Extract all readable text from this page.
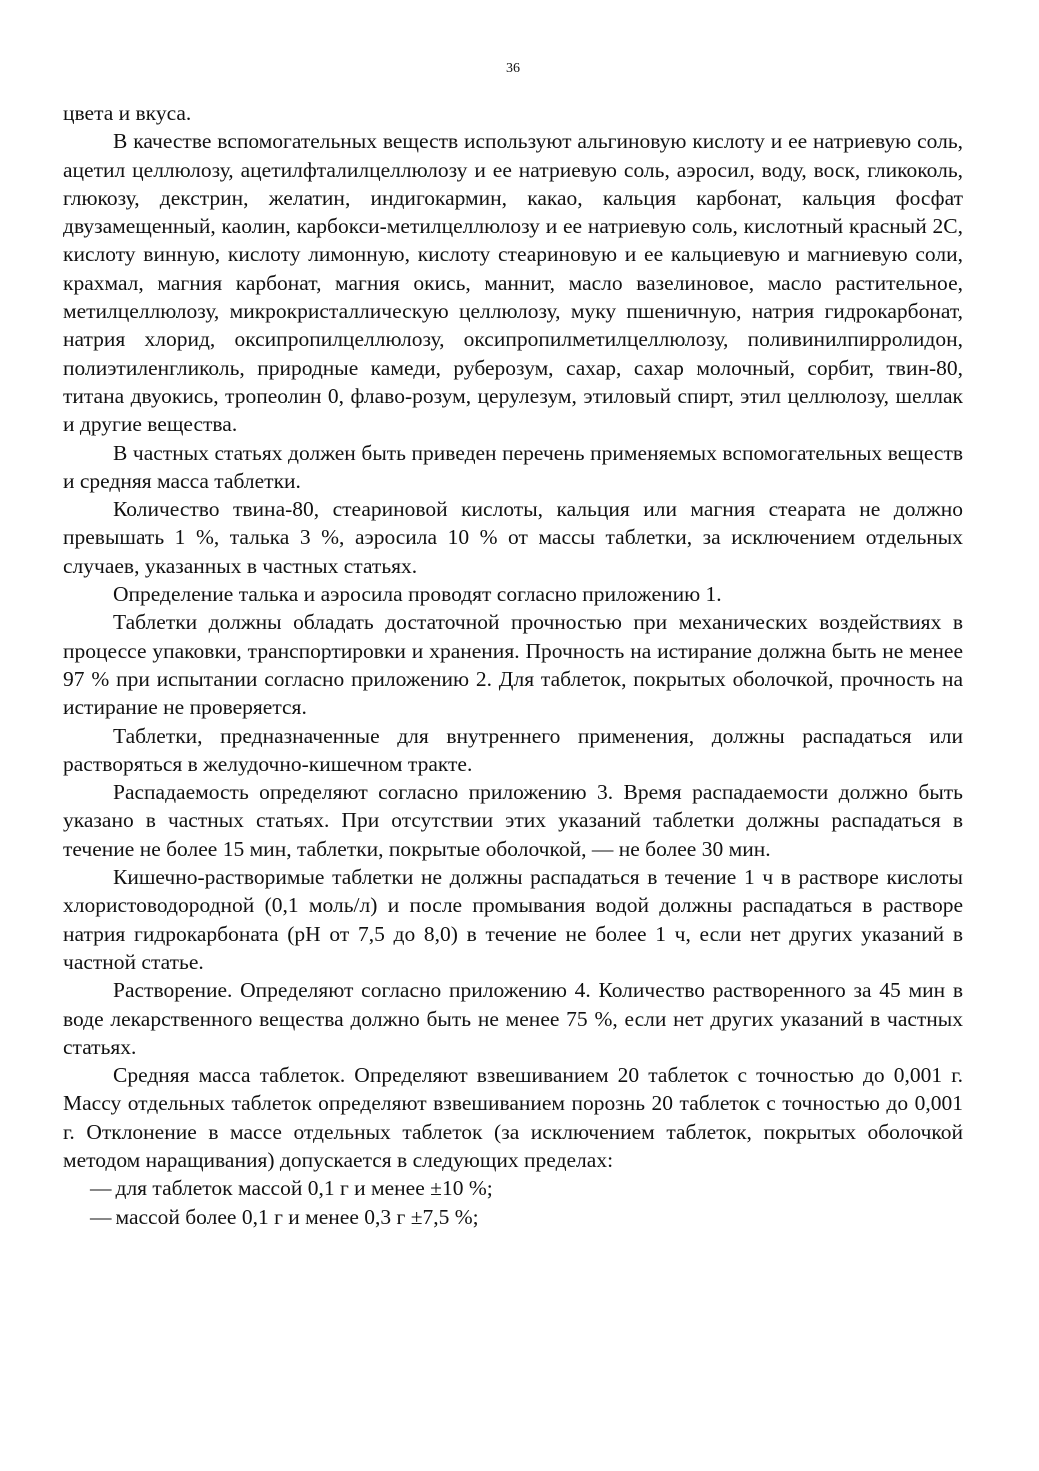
36

цвета и вкуса.

В качестве вспомогательных веществ используют альгиновую кислоту и ее натриевую соль, ацетил целлюлозу, ацетилфталилцеллюлозу и ее натриевую соль, аэросил, воду, воск, гликоколь, глюкозу, декстрин, желатин, индигокармин, какао, кальция карбонат, кальция фосфат двузамещенный, каолин, карбокси-метилцеллюлозу и ее натриевую соль, кислотный красный 2С, кислоту винную, кислоту лимонную, кислоту стеариновую и ее кальциевую и магниевую соли, крахмал, магния карбонат, магния окись, маннит, масло вазелиновое, масло растительное, метилцеллюлозу, микрокристаллическую целлюлозу, муку пшеничную, натрия гидрокарбонат, натрия хлорид, оксипропилцеллюлозу, оксипропилметилцеллюлозу, поливинилпирролидон, полиэтиленгликоль, природные камеди, руберозум, сахар, сахар молочный, сорбит, твин-80, титана двуокись, тропеолин 0, флаво-розум, церулезум, этиловый спирт, этил целлюлозу, шеллак и другие вещества.

В частных статьях должен быть приведен перечень применяемых вспомогательных веществ и средняя масса таблетки.

Количество твина-80, стеариновой кислоты, кальция или магния стеарата не должно превышать 1 %, талька 3 %, аэросила 10 % от массы таблетки, за исключением отдельных случаев, указанных в частных статьях.

Определение талька и аэросила проводят согласно приложению 1.

Таблетки должны обладать достаточной прочностью при механических воздействиях в процессе упаковки, транспортировки и хранения. Прочность на истирание должна быть не менее 97 % при испытании согласно приложению 2. Для таблеток, покрытых оболочкой, прочность на истирание не проверяется.

Таблетки, предназначенные для внутреннего применения, должны распадаться или растворяться в желудочно-кишечном тракте.

Распадаемость определяют согласно приложению 3. Время распадаемости должно быть указано в частных статьях. При отсутствии этих указаний таблетки должны распадаться в течение не более 15 мин, таблетки, покрытые оболочкой, — не более 30 мин.

Кишечно-растворимые таблетки не должны распадаться в течение 1 ч в растворе кислоты хлористоводородной (0,1 моль/л) и после промывания водой должны распадаться в растворе натрия гидрокарбоната (рН от 7,5 до 8,0) в течение не более 1 ч, если нет других указаний в частной статье.

Растворение. Определяют согласно приложению 4. Количество растворенного за 45 мин в воде лекарственного вещества должно быть не менее 75 %, если нет других указаний в частных статьях.

Средняя масса таблеток. Определяют взвешиванием 20 таблеток с точностью до 0,001 г. Массу отдельных таблеток определяют взвешиванием порознь 20 таблеток с точностью до 0,001 г. Отклонение в массе отдельных таблеток (за исключением таблеток, покрытых оболочкой методом наращивания) допускается в следующих пределах:

— для таблеток массой 0,1 г и менее ±10 %;
— массой более 0,1 г и менее 0,3 г ±7,5 %;
